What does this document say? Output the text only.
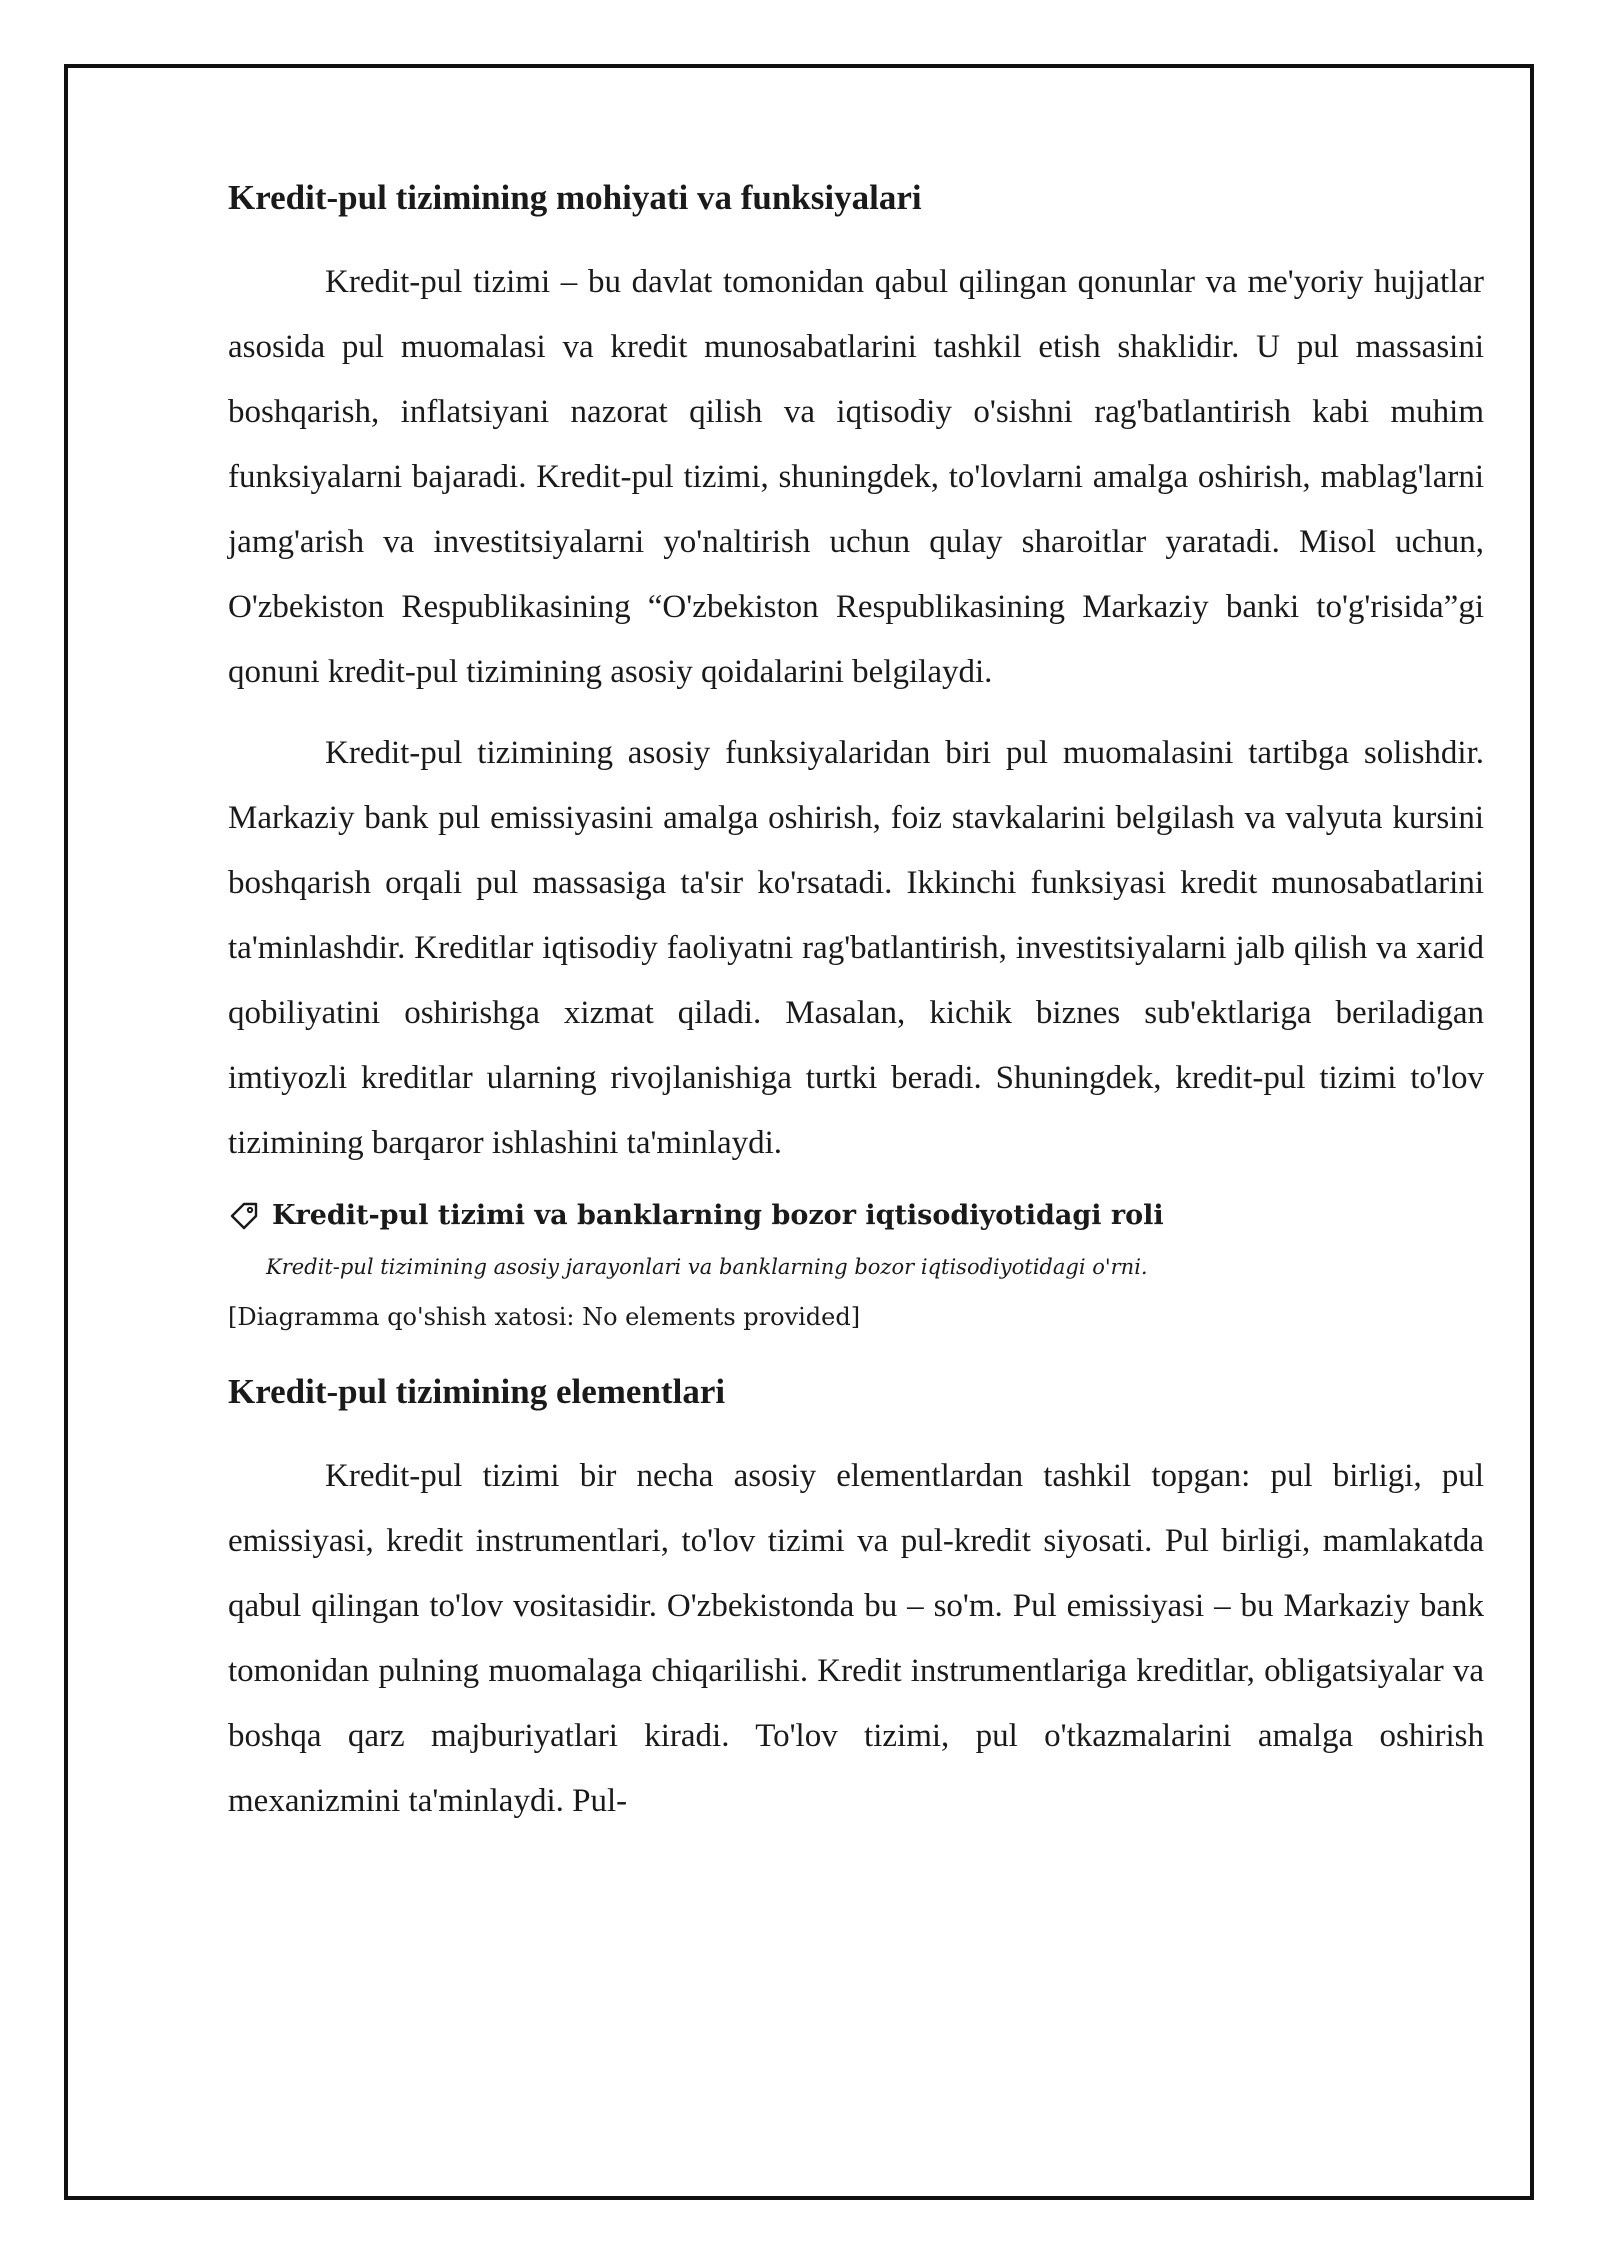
Kredit-pul tizimining mohiyati va funksiyalari

Kredit-pul tizimi – bu davlat tomonidan qabul qilingan qonunlar va me'yoriy hujjatlar asosida pul muomalasi va kredit munosabatlarini tashkil etish shaklidir. U pul massasini boshqarish, inflatsiyani nazorat qilish va iqtisodiy o'sishni rag'batlantirish kabi muhim funksiyalarni bajaradi. Kredit-pul tizimi, shuningdek, to'lovlarni amalga oshirish, mablag'larni jamg'arish va investitsiyalarni yo'naltirish uchun qulay sharoitlar yaratadi. Misol uchun, O'zbekiston Respublikasining “O'zbekiston Respublikasining Markaziy banki to'g'risida”gi qonuni kredit-pul tizimining asosiy qoidalarini belgilaydi.

Kredit-pul tizimining asosiy funksiyalaridan biri pul muomalasini tartibga solishdir. Markaziy bank pul emissiyasini amalga oshirish, foiz stavkalarini belgilash va valyuta kursini boshqarish orqali pul massasiga ta'sir ko'rsatadi. Ikkinchi funksiyasi kredit munosabatlarini ta'minlashdir. Kreditlar iqtisodiy faoliyatni rag'batlantirish, investitsiyalarni jalb qilish va xarid qobiliyatini oshirishga xizmat qiladi. Masalan, kichik biznes sub'ektlariga beriladigan imtiyozli kreditlar ularning rivojlanishiga turtki beradi. Shuningdek, kredit-pul tizimi to'lov tizimining barqaror ishlashini ta'minlaydi.

Kredit-pul tizimi va banklarning bozor iqtisodiyotidagi roli
Kredit-pul tizimining asosiy jarayonlari va banklarning bozor iqtisodiyotidagi o'rni.
[Diagramma qo'shish xatosi: No elements provided]
Kredit-pul tizimining elementlari

Kredit-pul tizimi bir necha asosiy elementlardan tashkil topgan: pul birligi, pul emissiyasi, kredit instrumentlari, to'lov tizimi va pul-kredit siyosati. Pul birligi, mamlakatda qabul qilingan to'lov vositasidir. O'zbekistonda bu – so'm. Pul emissiyasi – bu Markaziy bank tomonidan pulning muomalaga chiqarilishi. Kredit instrumentlariga kreditlar, obligatsiyalar va boshqa qarz majburiyatlari kiradi. To'lov tizimi, pul o'tkazmalarini amalga oshirish mexanizmini ta'minlaydi. Pul-
